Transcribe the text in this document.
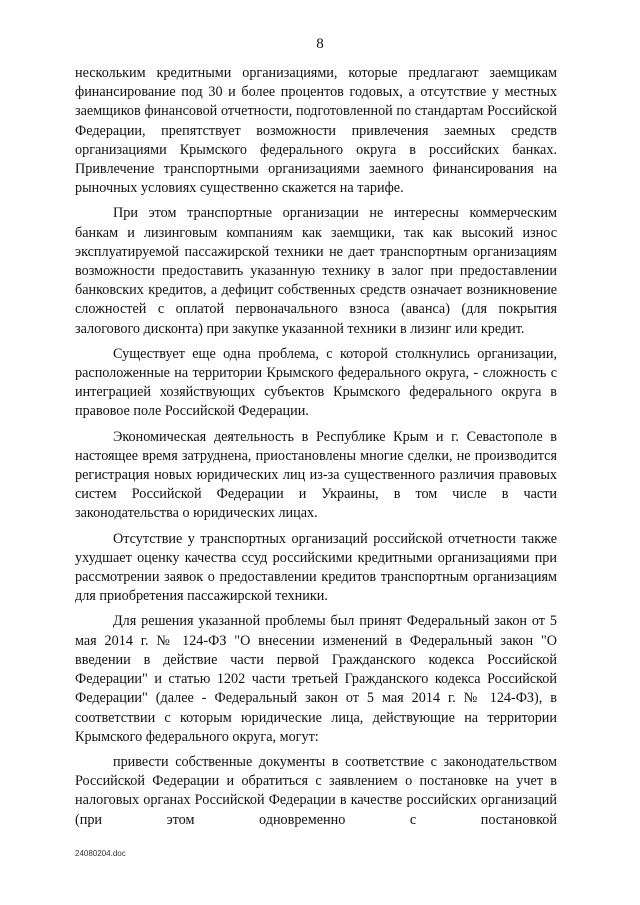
8

нескольким кредитными организациями, которые предлагают заемщикам финансирование под 30 и более процентов годовых, а отсутствие у местных заемщиков финансовой отчетности, подготовленной по стандартам Российской Федерации, препятствует возможности привлечения заемных средств организациями Крымского федерального округа в российских банках. Привлечение транспортными организациями заемного финансирования на рыночных условиях существенно скажется на тарифе.

При этом транспортные организации не интересны коммерческим банкам и лизинговым компаниям как заемщики, так как высокий износ эксплуатируемой пассажирской техники не дает транспортным организациям возможности предоставить указанную технику в залог при предоставлении банковских кредитов, а дефицит собственных средств означает возникновение сложностей с оплатой первоначального взноса (аванса) (для покрытия залогового дисконта) при закупке указанной техники в лизинг или кредит.

Существует еще одна проблема, с которой столкнулись организации, расположенные на территории Крымского федерального округа, - сложность с интеграцией хозяйствующих субъектов Крымского федерального округа в правовое поле Российской Федерации.

Экономическая деятельность в Республике Крым и г. Севастополе в настоящее время затруднена, приостановлены многие сделки, не производится регистрация новых юридических лиц из-за существенного различия правовых систем Российской Федерации и Украины, в том числе в части законодательства о юридических лицах.

Отсутствие у транспортных организаций российской отчетности также ухудшает оценку качества ссуд российскими кредитными организациями при рассмотрении заявок о предоставлении кредитов транспортным организациям для приобретения пассажирской техники.

Для решения указанной проблемы был принят Федеральный закон от 5 мая 2014 г. № 124-ФЗ "О внесении изменений в Федеральный закон "О введении в действие части первой Гражданского кодекса Российской Федерации" и статью 1202 части третьей Гражданского кодекса Российской Федерации" (далее - Федеральный закон от 5 мая 2014 г. № 124-ФЗ), в соответствии с которым юридические лица, действующие на территории Крымского федерального округа, могут:

привести собственные документы в соответствие с законодательством Российской Федерации и обратиться с заявлением о постановке на учет в налоговых органах Российской Федерации в качестве российских организаций (при этом одновременно с постановкой

24080204.doc
